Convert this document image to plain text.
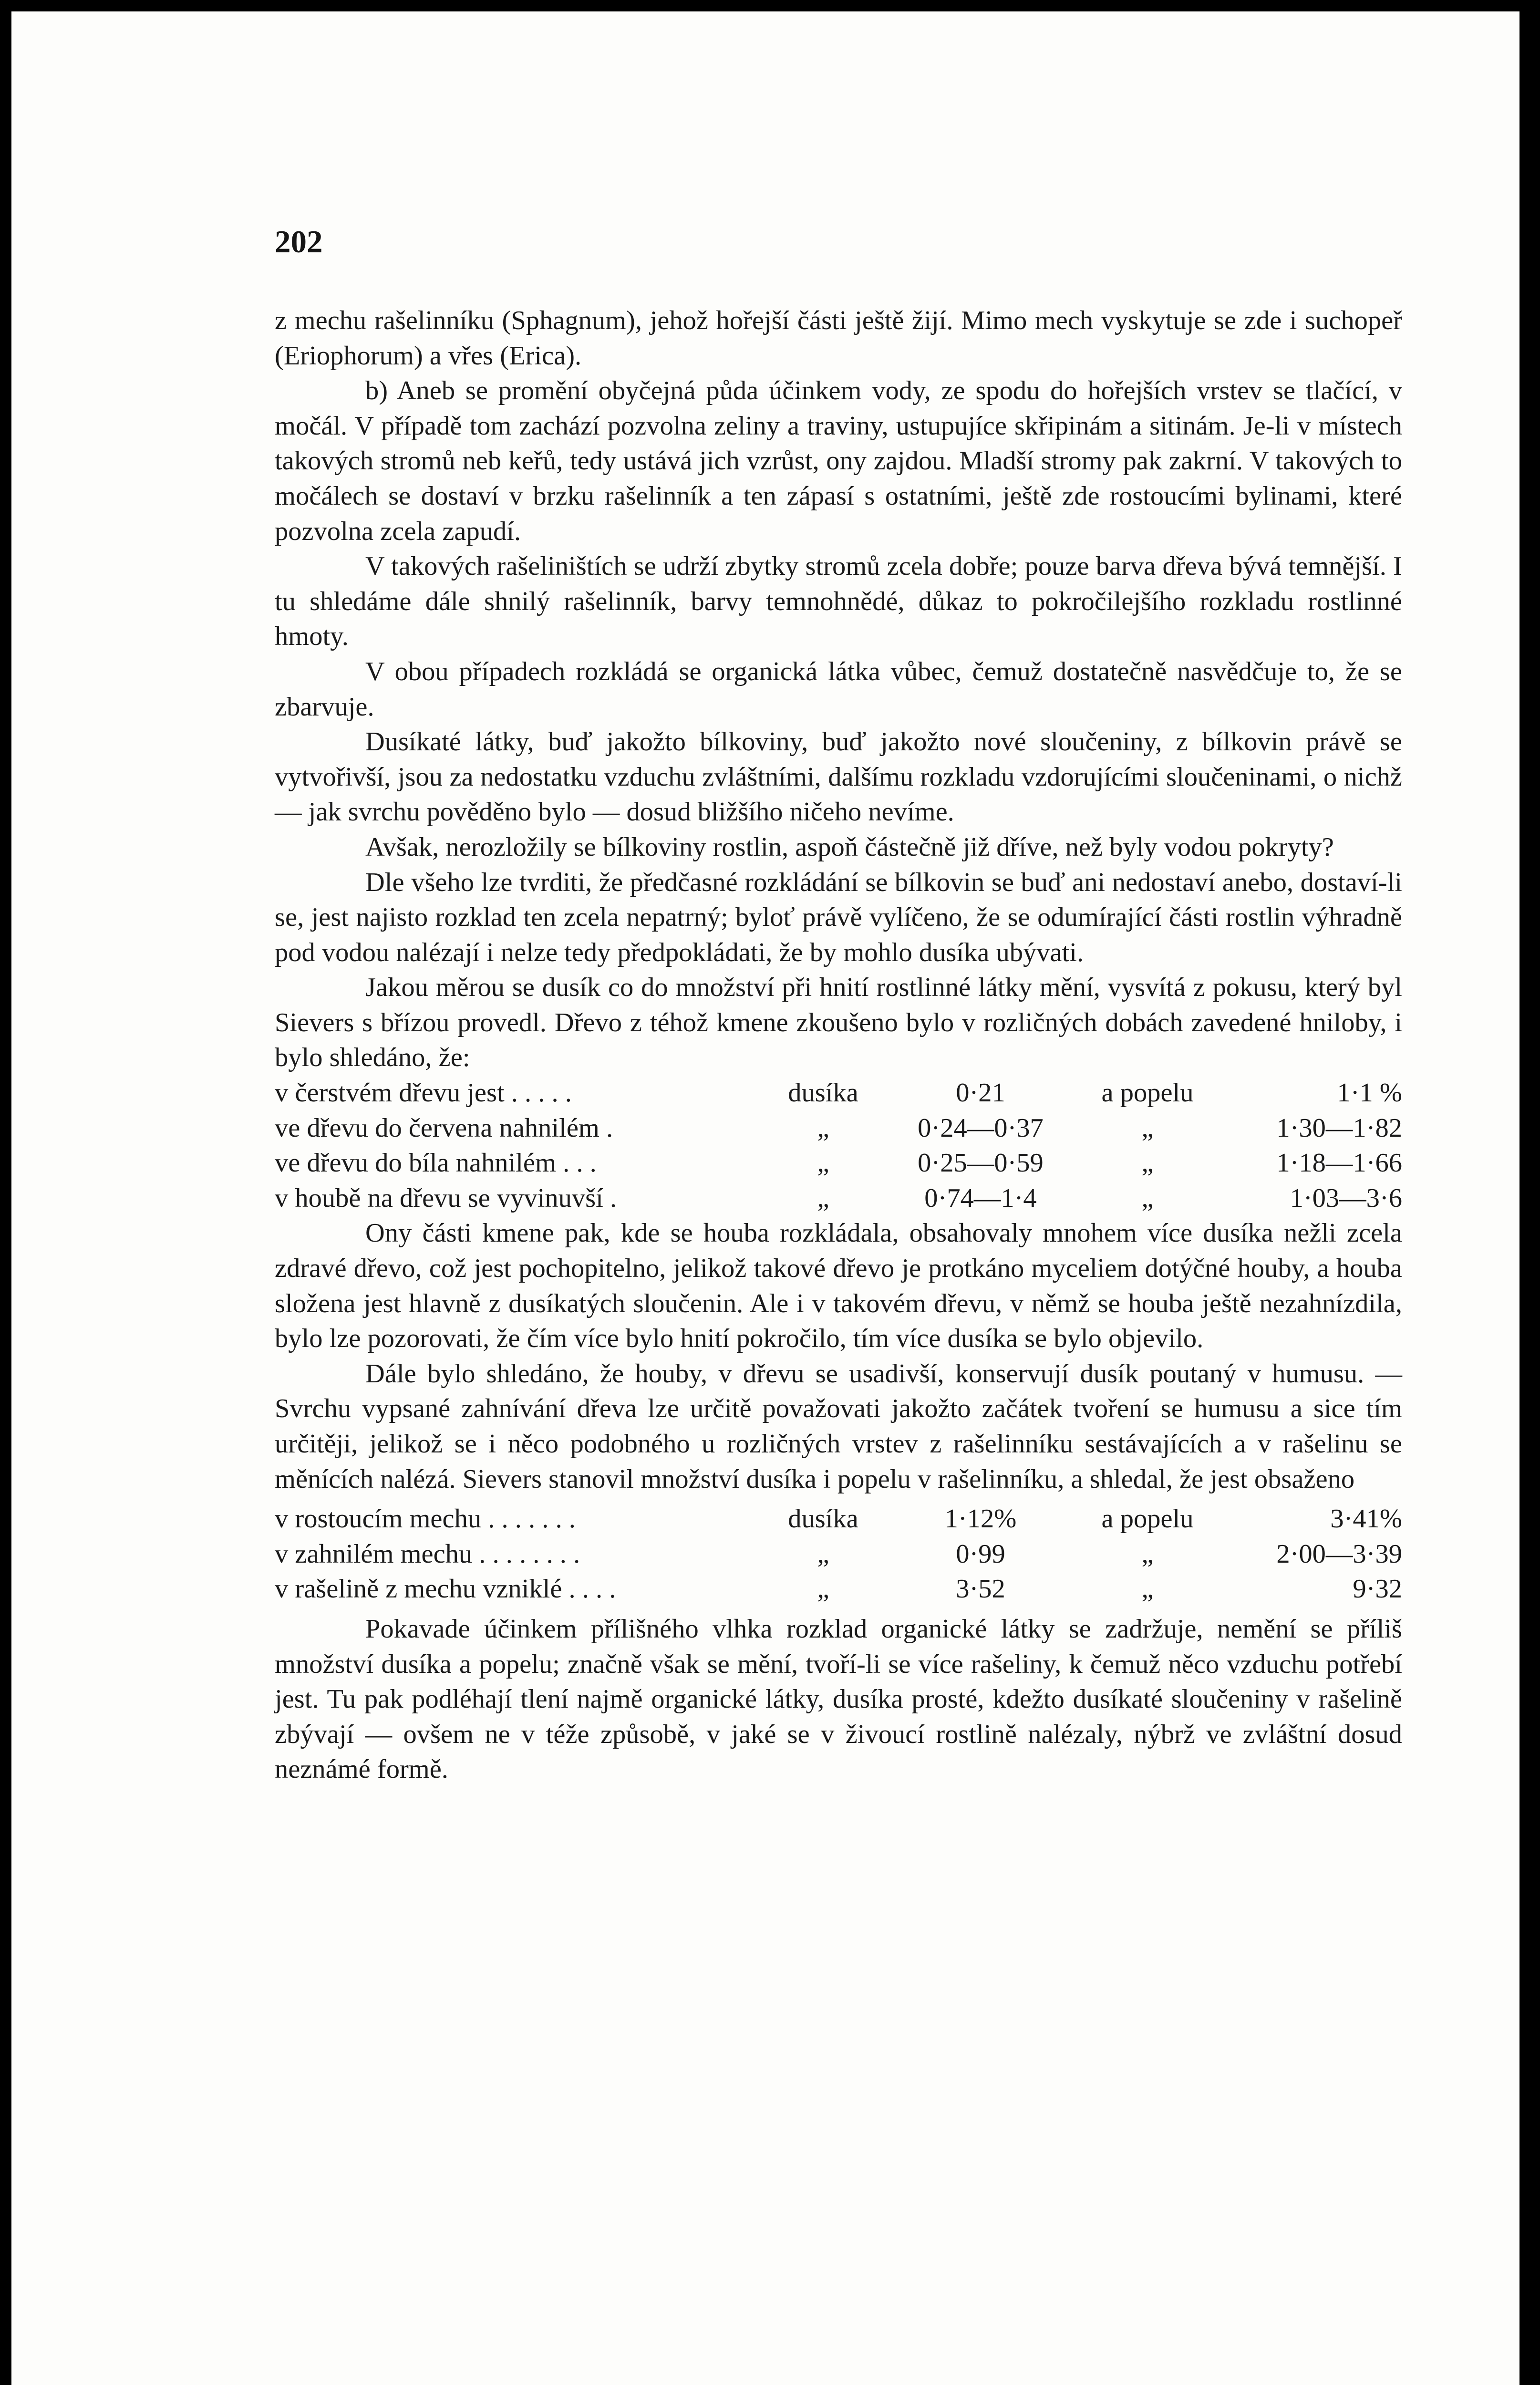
202

z mechu rašelinníku (Sphagnum), jehož hořejší části ještě žijí. Mimo mech vyskytuje se zde i suchopeř (Eriophorum) a vřes (Erica).

b) Aneb se promění obyčejná půda účinkem vody, ze spodu do hořejších vrstev se tlačící, v močál. V případě tom zachází pozvolna zeliny a traviny, ustupujíce skřipinám a sitinám. Je-li v místech takových stromů neb keřů, tedy ustává jich vzrůst, ony zajdou. Mladší stromy pak zakrní. V takových to močálech se dostaví v brzku rašelinník a ten zápasí s ostatními, ještě zde rostoucími bylinami, které pozvolna zcela zapudí.

V takových rašeliništích se udrží zbytky stromů zcela dobře; pouze barva dřeva bývá temnější. I tu shledáme dále shnilý rašelinník, barvy temnohnědé, důkaz to pokročilejšího rozkladu rostlinné hmoty.

V obou případech rozkládá se organická látka vůbec, čemuž dostatečně nasvědčuje to, že se zbarvuje.

Dusíkaté látky, buď jakožto bílkoviny, buď jakožto nové sloučeniny, z bílkovin právě se vytvořivší, jsou za nedostatku vzduchu zvláštními, dalšímu rozkladu vzdorujícími sloučeninami, o nichž — jak svrchu pověděno bylo — dosud bližšího ničeho nevíme.

Avšak, nerozložily se bílkoviny rostlin, aspoň částečně již dříve, než byly vodou pokryty?

Dle všeho lze tvrditi, že předčasné rozkládání se bílkovin se buď ani nedostaví anebo, dostaví-li se, jest najisto rozklad ten zcela nepatrný; byloť právě vylíčeno, že se odumírající části rostlin výhradně pod vodou nalézají i nelze tedy předpokládati, že by mohlo dusíka ubývati.

Jakou měrou se dusík co do množství při hnití rostlinné látky mění, vysvítá z pokusu, který byl Sievers s břízou provedl. Dřevo z téhož kmene zkoušeno bylo v rozličných dobách zavedené hniloby, i bylo shledáno, že:

v čerstvém dřevu jest . . . . .	dusíka	0·21	a popelu	1·1 %
ve dřevu do červena nahnilém .	„	0·24—0·37	„	1·30—1·82
ve dřevu do bíla nahnilém . . .	„	0·25—0·59	„	1·18—1·66
v houbě na dřevu se vyvinuvší .	„	0·74—1·4	„	1·03—3·6

Ony části kmene pak, kde se houba rozkládala, obsahovaly mnohem více dusíka nežli zcela zdravé dřevo, což jest pochopitelno, jelikož takové dřevo je protkáno myceliem dotýčné houby, a houba složena jest hlavně z dusíkatých sloučenin. Ale i v takovém dřevu, v němž se houba ještě nezahnízdila, bylo lze pozorovati, že čím více bylo hnití pokročilo, tím více dusíka se bylo objevilo.

Dále bylo shledáno, že houby, v dřevu se usadivší, konservují dusík poutaný v humusu. — Svrchu vypsané zahnívání dřeva lze určitě považovati jakožto začátek tvoření se humusu a sice tím určitěji, jelikož se i něco podobného u rozličných vrstev z rašelinníku sestávajících a v rašelinu se měnících nalézá. Sievers stanovil množství dusíka i popelu v rašelinníku, a shledal, že jest obsaženo

v rostoucím mechu . . . . . . .	dusíka	1·12%	a popelu	3·41%
v zahnilém mechu . . . . . . . .	„	0·99	„	2·00—3·39
v rašelině z mechu vzniklé . . . .	„	3·52	„	9·32

Pokavade účinkem přílišného vlhka rozklad organické látky se zadržuje, nemění se příliš množství dusíka a popelu; značně však se mění, tvoří-li se více rašeliny, k čemuž něco vzduchu potřebí jest. Tu pak podléhají tlení najmě organické látky, dusíka prosté, kdežto dusíkaté sloučeniny v rašelině zbývají — ovšem ne v téže způsobě, v jaké se v živoucí rostlině nalézaly, nýbrž ve zvláštní dosud neznámé formě.
